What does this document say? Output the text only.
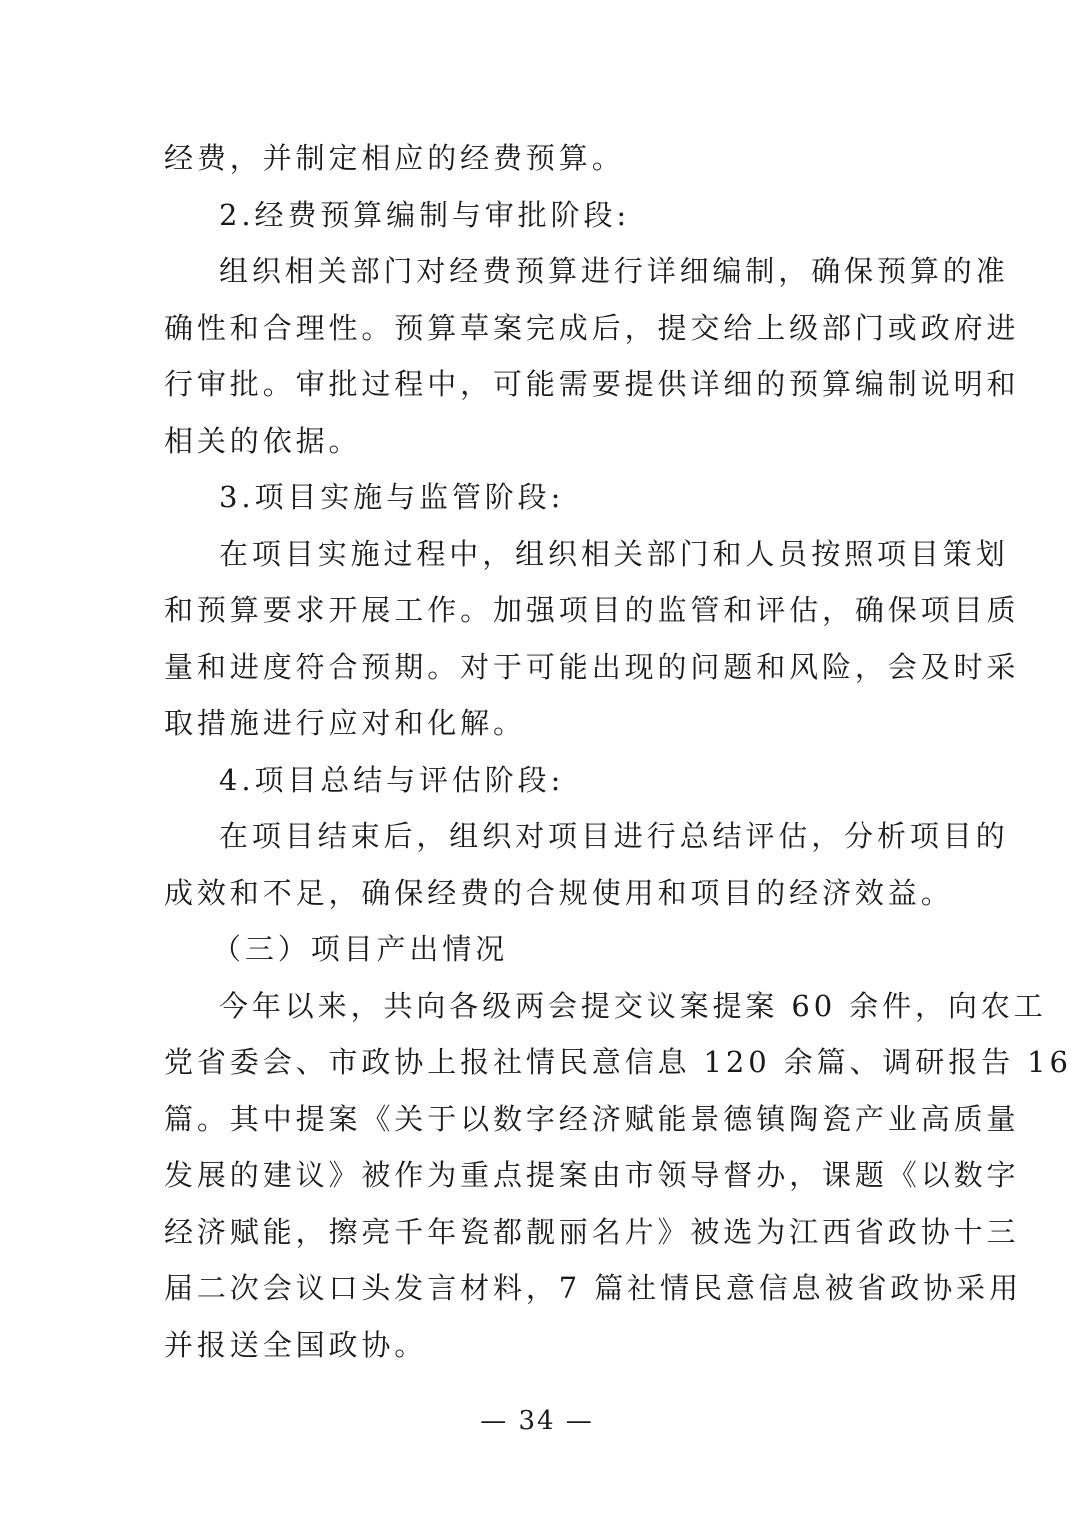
经费，并制定相应的经费预算。
2.经费预算编制与审批阶段:
组织相关部门对经费预算进行详细编制，确保预算的准
确性和合理性。预算草案完成后，提交给上级部门或政府进
行审批。审批过程中，可能需要提供详细的预算编制说明和
相关的依据。
3.项目实施与监管阶段:
在项目实施过程中，组织相关部门和人员按照项目策划
和预算要求开展工作。加强项目的监管和评估，确保项目质
量和进度符合预期。对于可能出现的问题和风险，会及时采
取措施进行应对和化解。
4.项目总结与评估阶段:
在项目结束后，组织对项目进行总结评估，分析项目的
成效和不足，确保经费的合规使用和项目的经济效益。
（三）项目产出情况
今年以来，共向各级两会提交议案提案 60 余件，向农工
党省委会、市政协上报社情民意信息 120 余篇、调研报告 16
篇。其中提案《关于以数字经济赋能景德镇陶瓷产业高质量
发展的建议》被作为重点提案由市领导督办，课题《以数字
经济赋能，擦亮千年瓷都靓丽名片》被选为江西省政协十三
届二次会议口头发言材料，7 篇社情民意信息被省政协采用
并报送全国政协。
— 34 —
